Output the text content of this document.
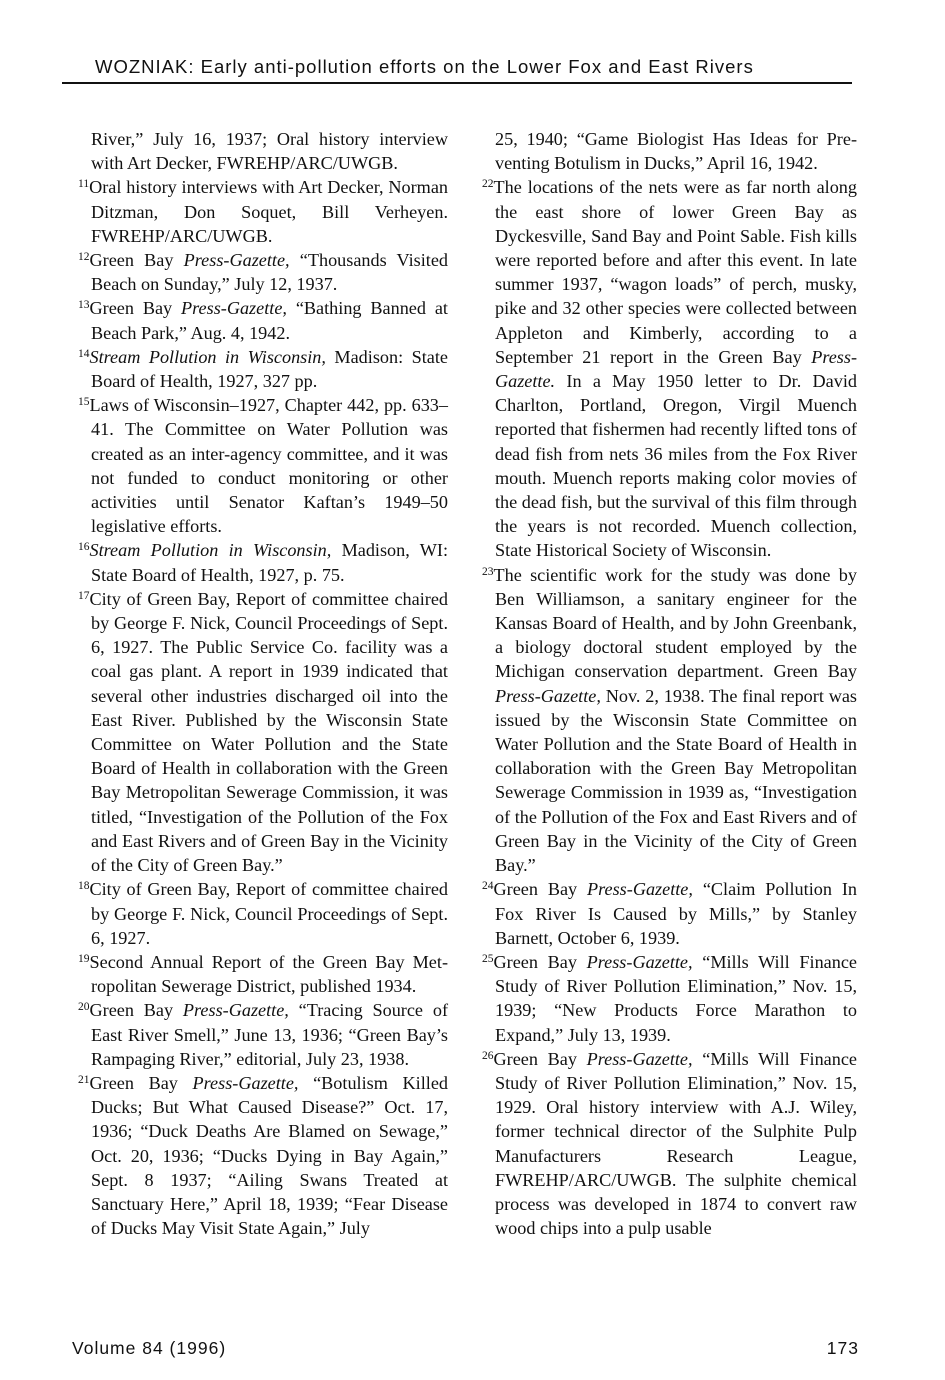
WOZNIAK: Early anti-pollution efforts on the Lower Fox and East Rivers

River,” July 16, 1937; Oral history interview with Art Decker, FWREHP/ARC/UWGB.

$^{11}$Oral history interviews with Art Decker, Norman Ditzman, Don Soquet, Bill Verheyen. FWREHP/ARC/UWGB.

$^{12}$Green Bay Press-Gazette, “Thousands Visited Beach on Sunday,” July 12, 1937.

$^{13}$Green Bay Press-Gazette, “Bathing Banned at Beach Park,” Aug. 4, 1942.

$^{14}$Stream Pollution in Wisconsin, Madison: State Board of Health, 1927, 327 pp.

$^{15}$Laws of Wisconsin–1927, Chapter 442, pp. 633–41. The Committee on Water Pollution was created as an inter-agency committee, and it was not funded to conduct monitoring or other activities until Senator Kaftan’s 1949–50 legislative efforts.

$^{16}$Stream Pollution in Wisconsin, Madison, WI: State Board of Health, 1927, p. 75.

$^{17}$City of Green Bay, Report of committee chaired by George F. Nick, Council Proceedings of Sept. 6, 1927. The Public Service Co. facility was a coal gas plant. A report in 1939 indicated that several other industries discharged oil into the East River. Published by the Wisconsin State Committee on Water Pollution and the State Board of Health in collaboration with the Green Bay Metropolitan Sewerage Commission, it was titled, “Investigation of the Pollution of the Fox and East Rivers and of Green Bay in the Vicinity of the City of Green Bay.”

$^{18}$City of Green Bay, Report of committee chaired by George F. Nick, Council Proceedings of Sept. 6, 1927.

$^{19}$Second Annual Report of the Green Bay Metropolitan Sewerage District, published 1934.

$^{20}$Green Bay Press-Gazette, “Tracing Source of East River Smell,” June 13, 1936; “Green Bay’s Rampaging River,” editorial, July 23, 1938.

$^{21}$Green Bay Press-Gazette, “Botulism Killed Ducks; But What Caused Disease?” Oct. 17, 1936; “Duck Deaths Are Blamed on Sewage,” Oct. 20, 1936; “Ducks Dying in Bay Again,” Sept. 8 1937; “Ailing Swans Treated at Sanctuary Here,” April 18, 1939; “Fear Disease of Ducks May Visit State Again,” July

25, 1940; “Game Biologist Has Ideas for Preventing Botulism in Ducks,” April 16, 1942.

$^{22}$The locations of the nets were as far north along the east shore of lower Green Bay as Dyckesville, Sand Bay and Point Sable. Fish kills were reported before and after this event. In late summer 1937, “wagon loads” of perch, musky, pike and 32 other species were collected between Appleton and Kimberly, according to a September 21 report in the Green Bay Press-Gazette. In a May 1950 letter to Dr. David Charlton, Portland, Oregon, Virgil Muench reported that fishermen had recently lifted tons of dead fish from nets 36 miles from the Fox River mouth. Muench reports making color movies of the dead fish, but the survival of this film through the years is not recorded. Muench collection, State Historical Society of Wisconsin.

$^{23}$The scientific work for the study was done by Ben Williamson, a sanitary engineer for the Kansas Board of Health, and by John Greenbank, a biology doctoral student employed by the Michigan conservation department. Green Bay Press-Gazette, Nov. 2, 1938. The final report was issued by the Wisconsin State Committee on Water Pollution and the State Board of Health in collaboration with the Green Bay Metropolitan Sewerage Commission in 1939 as, “Investigation of the Pollution of the Fox and East Rivers and of Green Bay in the Vicinity of the City of Green Bay.”

$^{24}$Green Bay Press-Gazette, “Claim Pollution In Fox River Is Caused by Mills,” by Stanley Barnett, October 6, 1939.

$^{25}$Green Bay Press-Gazette, “Mills Will Finance Study of River Pollution Elimination,” Nov. 15, 1939; “New Products Force Marathon to Expand,” July 13, 1939.

$^{26}$Green Bay Press-Gazette, “Mills Will Finance Study of River Pollution Elimination,” Nov. 15, 1929. Oral history interview with A.J. Wiley, former technical director of the Sulphite Pulp Manufacturers Research League, FWREHP/ARC/UWGB. The sulphite chemical process was developed in 1874 to convert raw wood chips into a pulp usable

Volume 84 (1996)	173
